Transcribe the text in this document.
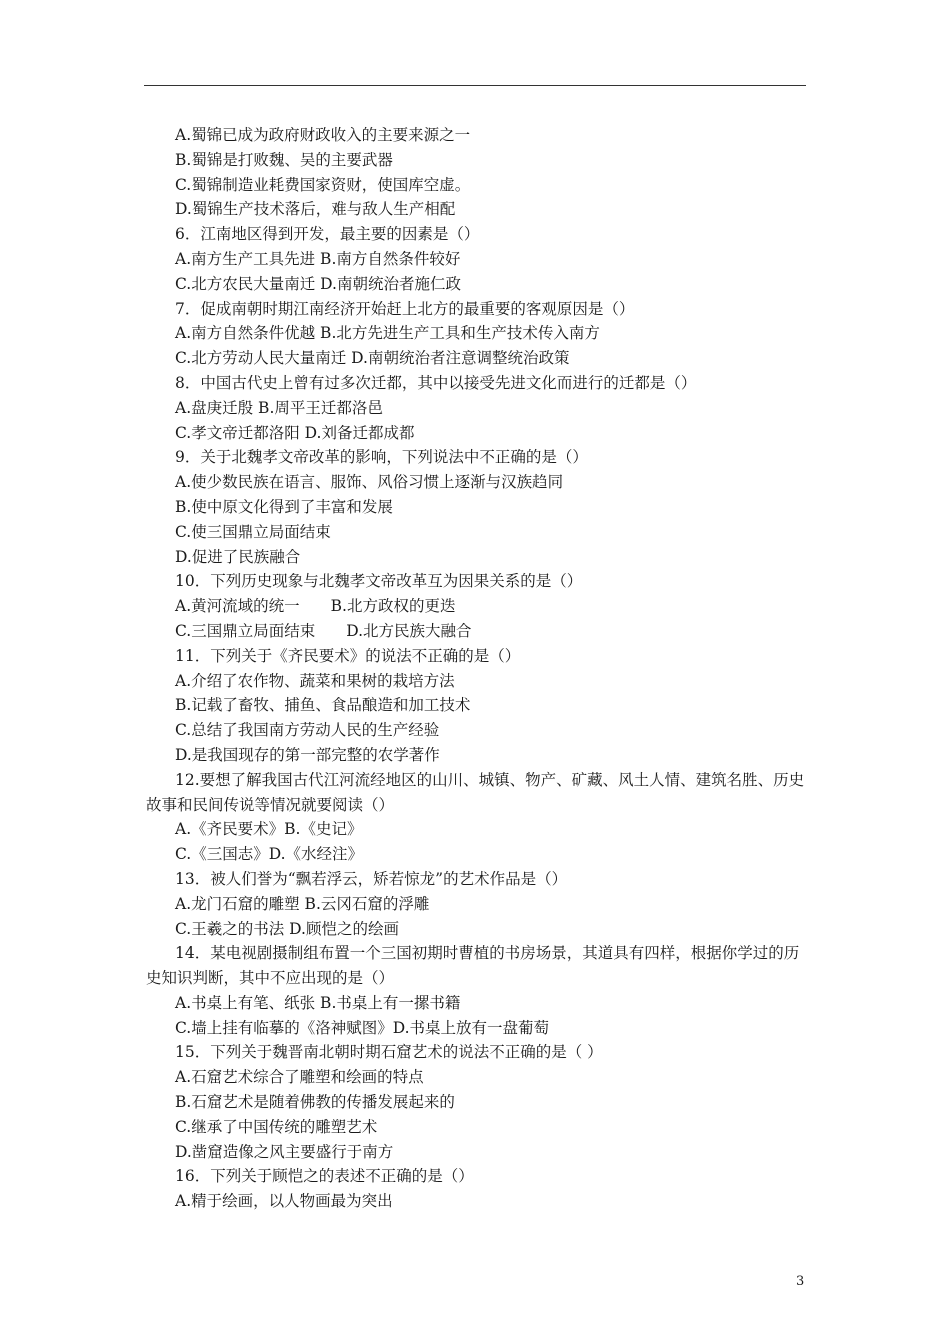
A.蜀锦已成为政府财政收入的主要来源之一
B.蜀锦是打败魏、吴的主要武器
C.蜀锦制造业耗费国家资财，使国库空虚。
D.蜀锦生产技术落后，难与敌人生产相配
6．江南地区得到开发，最主要的因素是（）
A.南方生产工具先进 B.南方自然条件较好
C.北方农民大量南迁 D.南朝统治者施仁政
7．促成南朝时期江南经济开始赶上北方的最重要的客观原因是（）
A.南方自然条件优越 B.北方先进生产工具和生产技术传入南方
C.北方劳动人民大量南迁 D.南朝统治者注意调整统治政策
8．中国古代史上曾有过多次迁都，其中以接受先进文化而进行的迁都是（）
A.盘庚迁殷 B.周平王迁都洛邑
C.孝文帝迁都洛阳 D.刘备迁都成都
9．关于北魏孝文帝改革的影响，下列说法中不正确的是（）
A.使少数民族在语言、服饰、风俗习惯上逐渐与汉族趋同
B.使中原文化得到了丰富和发展
C.使三国鼎立局面结束
D.促进了民族融合
10．下列历史现象与北魏孝文帝改革互为因果关系的是（）
A.黄河流域的统一　　B.北方政权的更迭
C.三国鼎立局面结束　　D.北方民族大融合
11．下列关于《齐民要术》的说法不正确的是（）
A.介绍了农作物、蔬菜和果树的栽培方法
B.记载了畜牧、捕鱼、食品酿造和加工技术
C.总结了我国南方劳动人民的生产经验
D.是我国现存的第一部完整的农学著作
12.要想了解我国古代江河流经地区的山川、城镇、物产、矿藏、风土人情、建筑名胜、历史故事和民间传说等情况就要阅读（）
A.《齐民要术》B.《史记》
C.《三国志》D.《水经注》
13．被人们誉为“飘若浮云，矫若惊龙”的艺术作品是（）
A.龙门石窟的雕塑 B.云冈石窟的浮雕
C.王羲之的书法 D.顾恺之的绘画
14．某电视剧摄制组布置一个三国初期时曹植的书房场景，其道具有四样，根据你学过的历史知识判断，其中不应出现的是（）
A.书桌上有笔、纸张 B.书桌上有一摞书籍
C.墙上挂有临摹的《洛神赋图》D.书桌上放有一盘葡萄
15．下列关于魏晋南北朝时期石窟艺术的说法不正确的是（ ）
A.石窟艺术综合了雕塑和绘画的特点
B.石窟艺术是随着佛教的传播发展起来的
C.继承了中国传统的雕塑艺术
D.凿窟造像之风主要盛行于南方
16．下列关于顾恺之的表述不正确的是（）
A.精于绘画，以人物画最为突出
3
